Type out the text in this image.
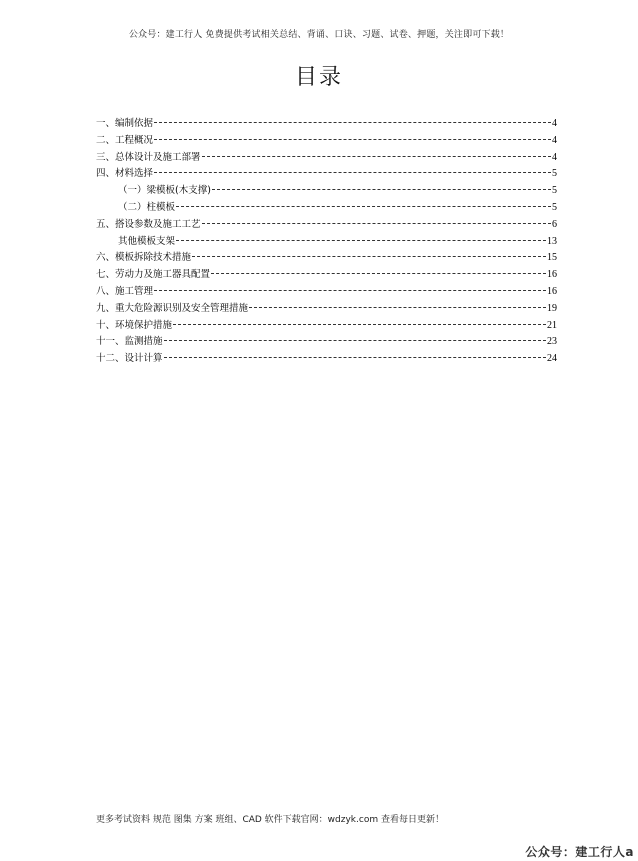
公众号：建工行人 免费提供考试相关总结、背诵、口诀、习题、试卷、押题，关注即可下载！
目录
一、编制依据	4
二、工程概况	4
三、总体设计及施工部署	4
四、材料选择	5
（一）梁模板(木支撑)	5
（二）柱模板	5
五、搭设参数及施工工艺	6
其他模板支架	13
六、模板拆除技术措施	15
七、劳动力及施工器具配置	16
八、施工管理	16
九、重大危险源识别及安全管理措施	19
十、环境保护措施	21
十一、监测措施	23
十二、设计计算	24
更多考试资料 规范 图集 方案 班组、CAD 软件下载官网：wdzyk.com 查看每日更新！
公众号：建工行人a
